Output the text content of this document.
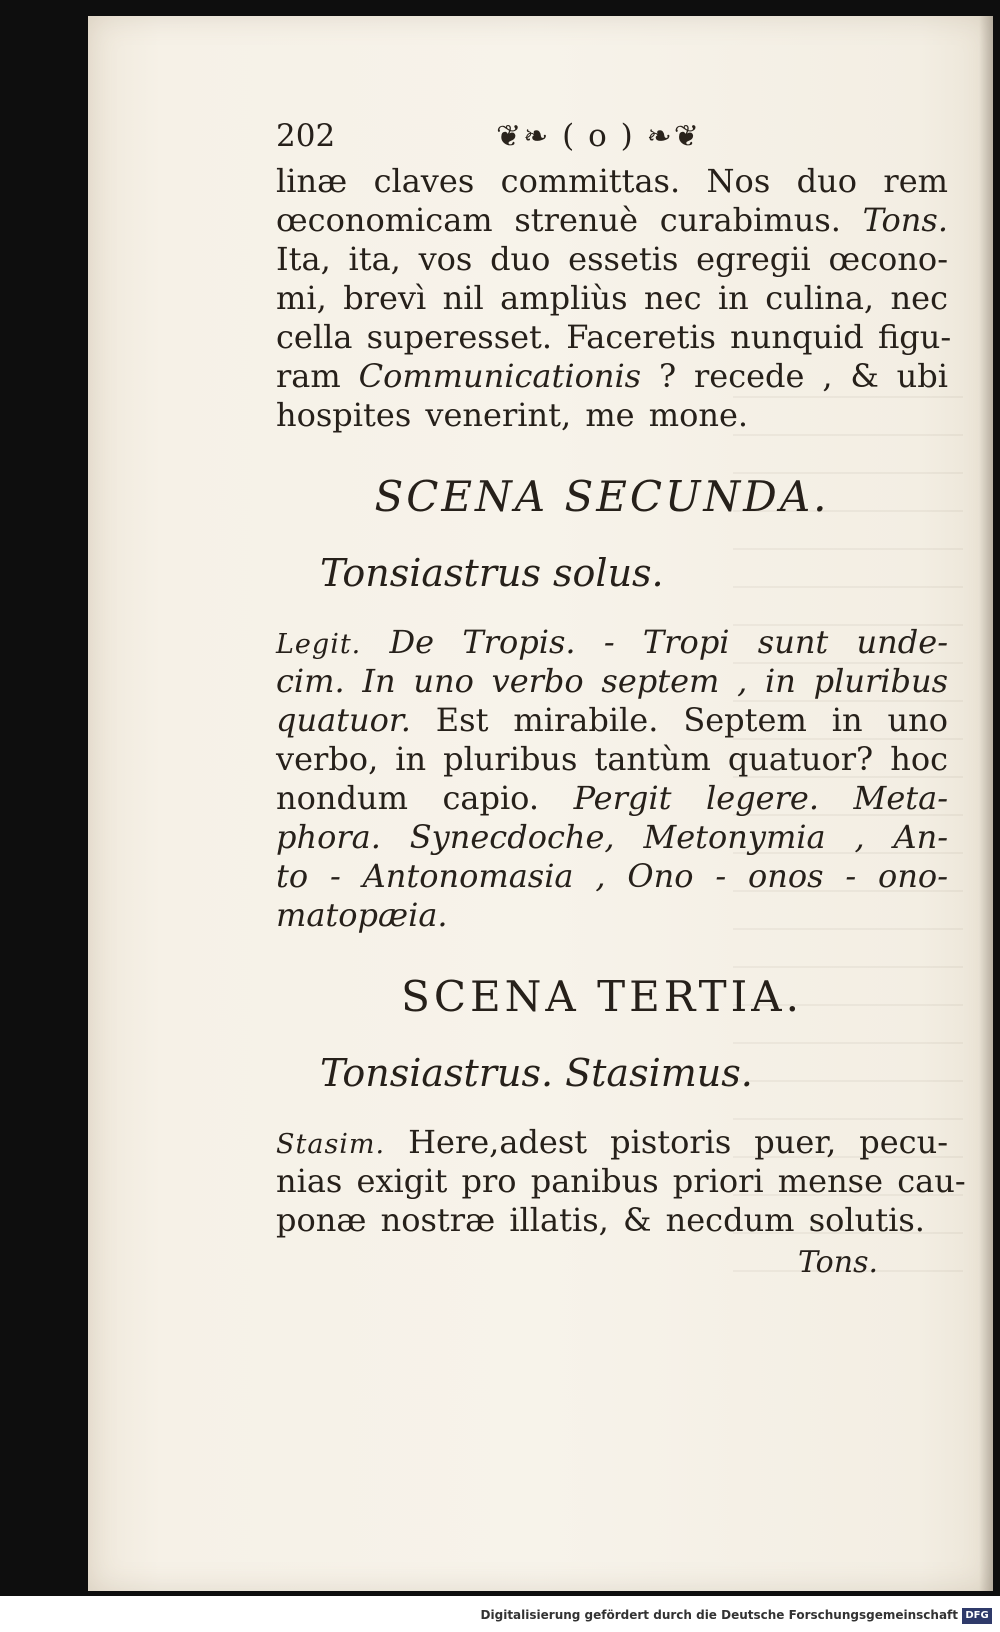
202	❦❧ ( o ) ❧❦
linæ claves committas. Nos duo rem
œconomicam strenuè curabimus. Tons.
Ita, ita, vos duo essetis egregii œcono-
mi, brevì nil ampliùs nec in culina, nec
cella superesset. Faceretis nunquid figu-
ram Communicationis ? recede , & ubi
hospites venerint, me mone.
SCENA SECUNDA.
Tonsiastrus solus.
Legit. De Tropis. - Tropi sunt unde-
cim. In uno verbo septem , in pluribus
quatuor. Est mirabile. Septem in uno
verbo, in pluribus tantùm quatuor? hoc
nondum capio. Pergit legere. Meta-
phora. Synecdoche, Metonymia , An-
to - Antonomasia , Ono - onos - ono-
matopæia.
SCENA TERTIA.
Tonsiastrus. Stasimus.
Stasim. Here,adest pistoris puer, pecu-
nias exigit pro panibus priori mense cau-
ponæ nostræ illatis, & necdum solutis.
Tons.
Digitalisierung gefördert durch die Deutsche Forschungsgemeinschaft DFG
